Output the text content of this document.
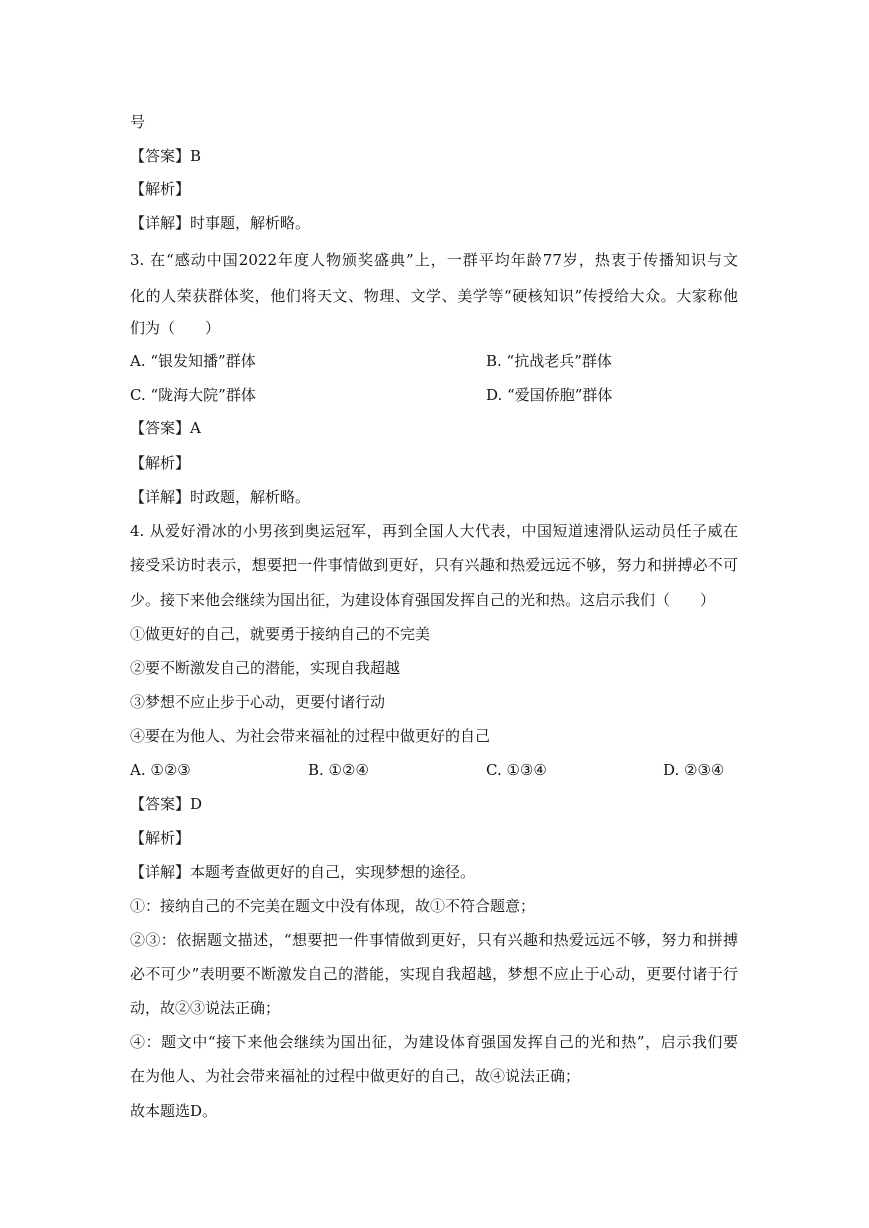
号
【答案】B
【解析】
【详解】时事题，解析略。
3. 在“感动中国2022年度人物颁奖盛典”上，一群平均年龄77岁，热衷于传播知识与文
化的人荣获群体奖，他们将天文、物理、文学、美学等“硬核知识”传授给大众。大家称他
们为（　　）
A. “银发知播”群体	B. “抗战老兵”群体
C. “陇海大院”群体	D. “爱国侨胞”群体
【答案】A
【解析】
【详解】时政题，解析略。
4. 从爱好滑冰的小男孩到奥运冠军，再到全国人大代表，中国短道速滑队运动员任子威在
接受采访时表示，想要把一件事情做到更好，只有兴趣和热爱远远不够，努力和拼搏必不可
少。接下来他会继续为国出征，为建设体育强国发挥自己的光和热。这启示我们（　　）
①做更好的自己，就要勇于接纳自己的不完美
②要不断激发自己的潜能，实现自我超越
③梦想不应止步于心动，更要付诸行动
④要在为他人、为社会带来福祉的过程中做更好的自己
A. ①②③	B. ①②④	C. ①③④	D. ②③④
【答案】D
【解析】
【详解】本题考查做更好的自己，实现梦想的途径。
①：接纳自己的不完美在题文中没有体现，故①不符合题意；
②③：依据题文描述，“想要把一件事情做到更好，只有兴趣和热爱远远不够，努力和拼搏
必不可少”表明要不断激发自己的潜能，实现自我超越，梦想不应止于心动，更要付诸于行
动，故②③说法正确；
④：题文中“接下来他会继续为国出征，为建设体育强国发挥自己的光和热”，启示我们要
在为他人、为社会带来福祉的过程中做更好的自己，故④说法正确；
故本题选D。
